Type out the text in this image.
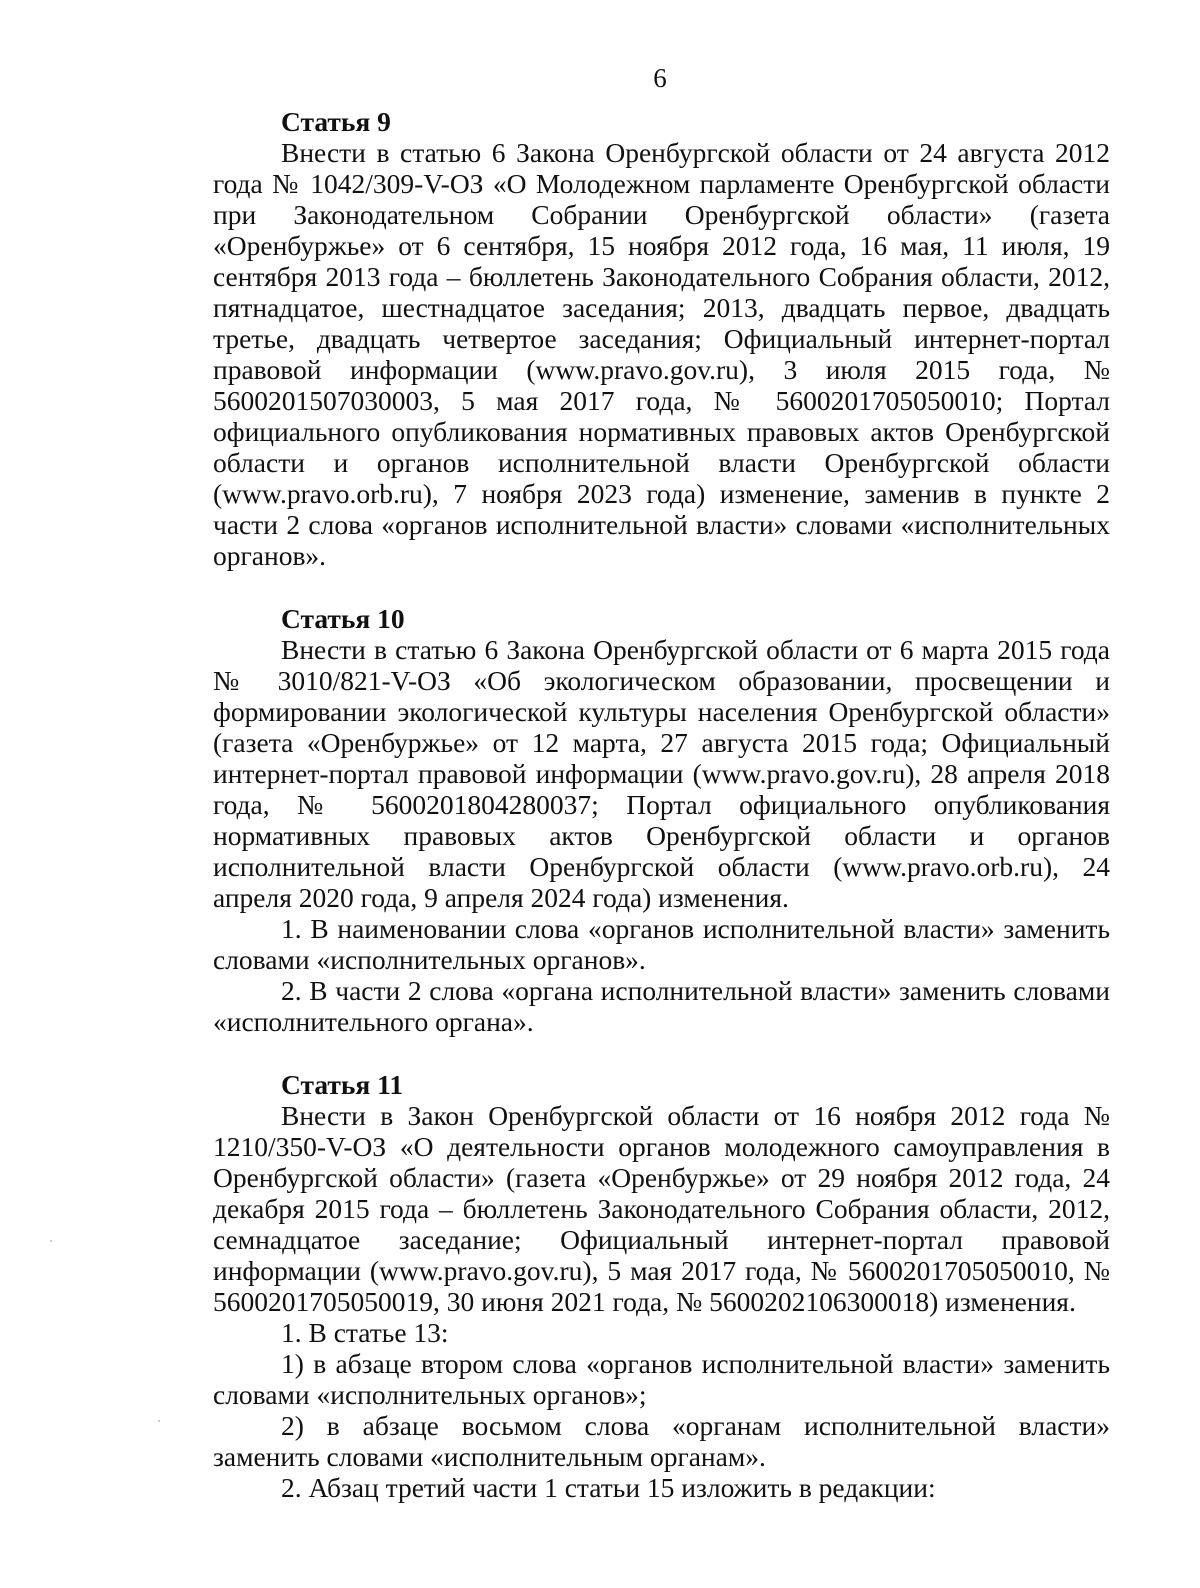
6

Статья 9

Внести в статью 6 Закона Оренбургской области от 24 августа 2012 года № 1042/309-V-ОЗ «О Молодежном парламенте Оренбургской области при Законодательном Собрании Оренбургской области» (газета «Оренбуржье» от 6 сентября, 15 ноября 2012 года, 16 мая, 11 июля, 19 сентября 2013 года – бюллетень Законодательного Собрания области, 2012, пятнадцатое, шестнадцатое заседания; 2013, двадцать первое, двадцать третье, двадцать четвертое заседания; Официальный интернет-портал правовой информации (www.pravo.gov.ru), 3 июля 2015 года, № 5600201507030003, 5 мая 2017 года, № 5600201705050010; Портал официального опубликования нормативных правовых актов Оренбургской области и органов исполнительной власти Оренбургской области (www.pravo.orb.ru), 7 ноября 2023 года) изменение, заменив в пункте 2 части 2 слова «органов исполнительной власти» словами «исполнительных органов».

Статья 10

Внести в статью 6 Закона Оренбургской области от 6 марта 2015 года № 3010/821-V-ОЗ «Об экологическом образовании, просвещении и формировании экологической культуры населения Оренбургской области» (газета «Оренбуржье» от 12 марта, 27 августа 2015 года; Официальный интернет-портал правовой информации (www.pravo.gov.ru), 28 апреля 2018 года, № 5600201804280037; Портал официального опубликования нормативных правовых актов Оренбургской области и органов исполнительной власти Оренбургской области (www.pravo.orb.ru), 24 апреля 2020 года, 9 апреля 2024 года) изменения.

1. В наименовании слова «органов исполнительной власти» заменить словами «исполнительных органов».

2. В части 2 слова «органа исполнительной власти» заменить словами «исполнительного органа».

Статья 11

Внести в Закон Оренбургской области от 16 ноября 2012 года № 1210/350-V-ОЗ «О деятельности органов молодежного самоуправления в Оренбургской области» (газета «Оренбуржье» от 29 ноября 2012 года, 24 декабря 2015 года – бюллетень Законодательного Собрания области, 2012, семнадцатое заседание; Официальный интернет-портал правовой информации (www.pravo.gov.ru), 5 мая 2017 года, № 5600201705050010, № 5600201705050019, 30 июня 2021 года, № 5600202106300018) изменения.

1. В статье 13:

1) в абзаце втором слова «органов исполнительной власти» заменить словами «исполнительных органов»;

2) в абзаце восьмом слова «органам исполнительной власти» заменить словами «исполнительным органам».

2. Абзац третий части 1 статьи 15 изложить в редакции:
